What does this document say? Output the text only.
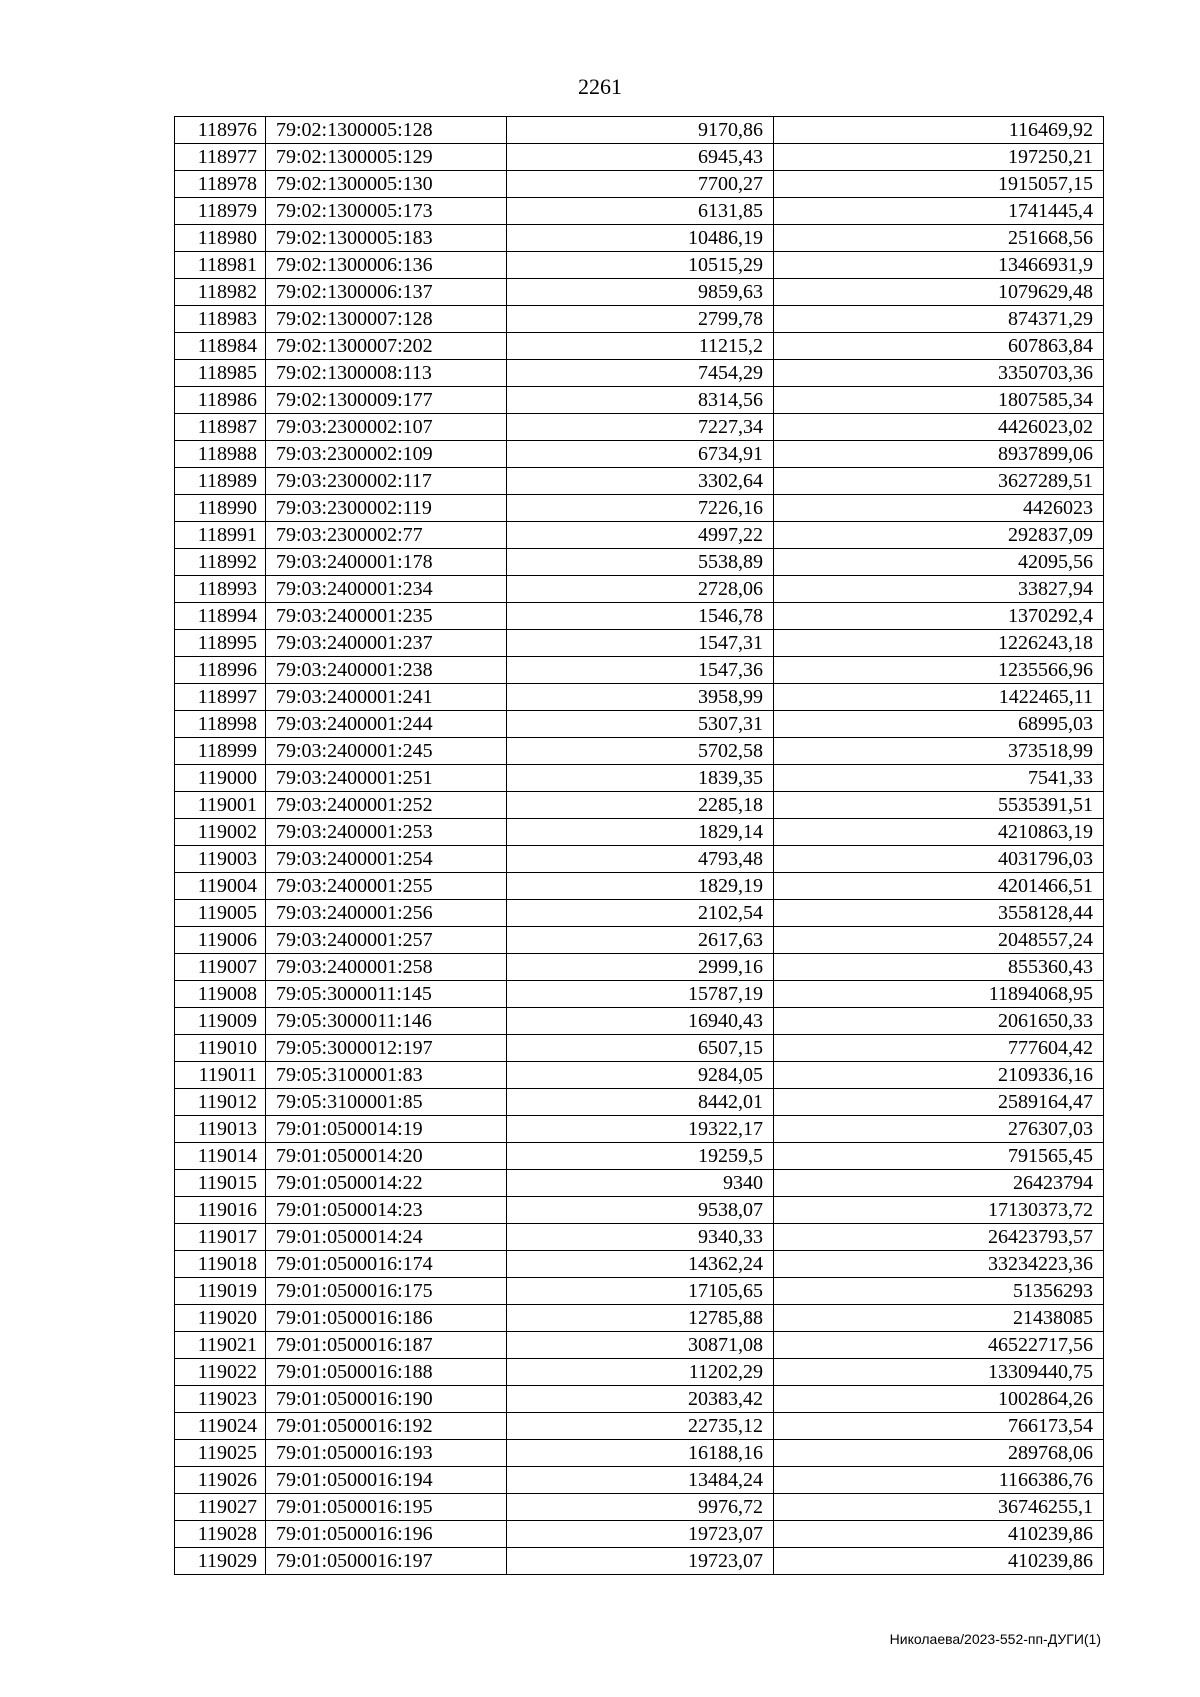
2261
118976	79:02:1300005:128	9170,86	116469,92
118977	79:02:1300005:129	6945,43	197250,21
118978	79:02:1300005:130	7700,27	1915057,15
118979	79:02:1300005:173	6131,85	1741445,4
118980	79:02:1300005:183	10486,19	251668,56
118981	79:02:1300006:136	10515,29	13466931,9
118982	79:02:1300006:137	9859,63	1079629,48
118983	79:02:1300007:128	2799,78	874371,29
118984	79:02:1300007:202	11215,2	607863,84
118985	79:02:1300008:113	7454,29	3350703,36
118986	79:02:1300009:177	8314,56	1807585,34
118987	79:03:2300002:107	7227,34	4426023,02
118988	79:03:2300002:109	6734,91	8937899,06
118989	79:03:2300002:117	3302,64	3627289,51
118990	79:03:2300002:119	7226,16	4426023
118991	79:03:2300002:77	4997,22	292837,09
118992	79:03:2400001:178	5538,89	42095,56
118993	79:03:2400001:234	2728,06	33827,94
118994	79:03:2400001:235	1546,78	1370292,4
118995	79:03:2400001:237	1547,31	1226243,18
118996	79:03:2400001:238	1547,36	1235566,96
118997	79:03:2400001:241	3958,99	1422465,11
118998	79:03:2400001:244	5307,31	68995,03
118999	79:03:2400001:245	5702,58	373518,99
119000	79:03:2400001:251	1839,35	7541,33
119001	79:03:2400001:252	2285,18	5535391,51
119002	79:03:2400001:253	1829,14	4210863,19
119003	79:03:2400001:254	4793,48	4031796,03
119004	79:03:2400001:255	1829,19	4201466,51
119005	79:03:2400001:256	2102,54	3558128,44
119006	79:03:2400001:257	2617,63	2048557,24
119007	79:03:2400001:258	2999,16	855360,43
119008	79:05:3000011:145	15787,19	11894068,95
119009	79:05:3000011:146	16940,43	2061650,33
119010	79:05:3000012:197	6507,15	777604,42
119011	79:05:3100001:83	9284,05	2109336,16
119012	79:05:3100001:85	8442,01	2589164,47
119013	79:01:0500014:19	19322,17	276307,03
119014	79:01:0500014:20	19259,5	791565,45
119015	79:01:0500014:22	9340	26423794
119016	79:01:0500014:23	9538,07	17130373,72
119017	79:01:0500014:24	9340,33	26423793,57
119018	79:01:0500016:174	14362,24	33234223,36
119019	79:01:0500016:175	17105,65	51356293
119020	79:01:0500016:186	12785,88	21438085
119021	79:01:0500016:187	30871,08	46522717,56
119022	79:01:0500016:188	11202,29	13309440,75
119023	79:01:0500016:190	20383,42	1002864,26
119024	79:01:0500016:192	22735,12	766173,54
119025	79:01:0500016:193	16188,16	289768,06
119026	79:01:0500016:194	13484,24	1166386,76
119027	79:01:0500016:195	9976,72	36746255,1
119028	79:01:0500016:196	19723,07	410239,86
119029	79:01:0500016:197	19723,07	410239,86
Николаева/2023-552-пп-ДУГИ(1)
